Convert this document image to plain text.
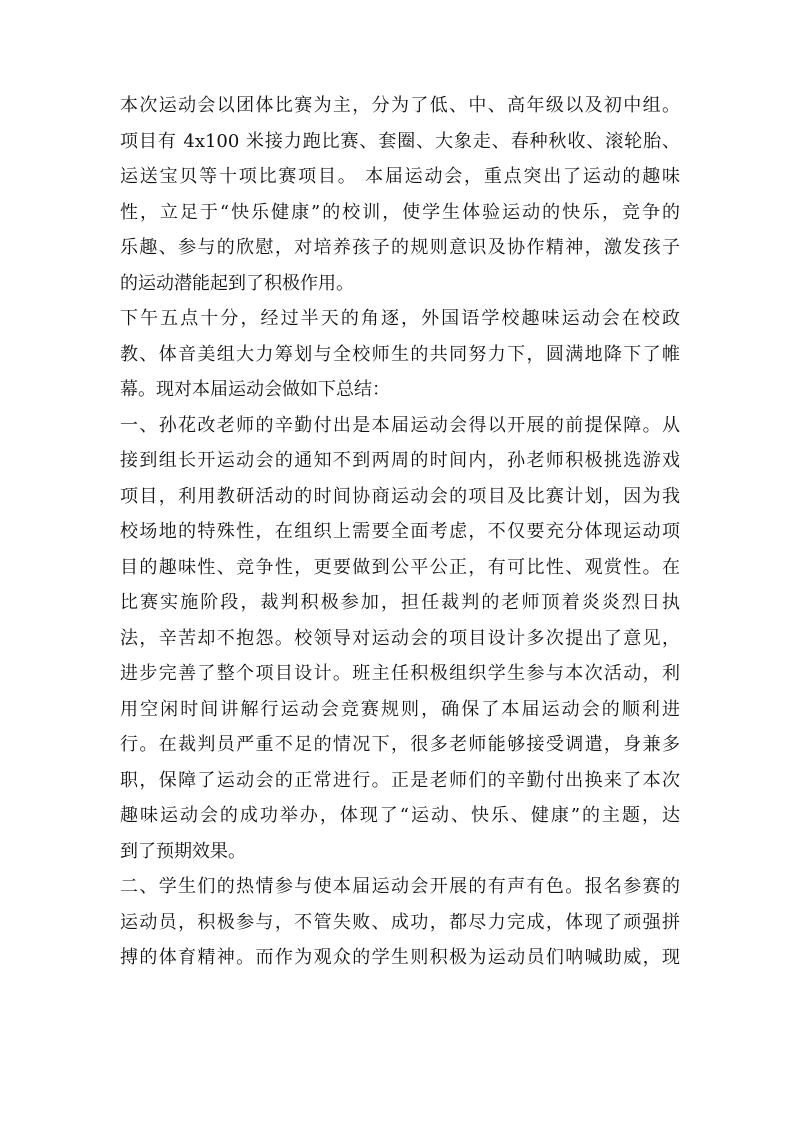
本次运动会以团体比赛为主，分为了低、中、高年级以及初中组。
项目有 4x100 米接力跑比赛、套圈、大象走、春种秋收、滚轮胎、
运送宝贝等十项比赛项目。 本届运动会，重点突出了运动的趣味
性，立足于“快乐健康”的校训，使学生体验运动的快乐，竞争的
乐趣、参与的欣慰，对培养孩子的规则意识及协作精神，激发孩子
的运动潜能起到了积极作用。
下午五点十分，经过半天的角逐，外国语学校趣味运动会在校政
教、体音美组大力筹划与全校师生的共同努力下，圆满地降下了帷
幕。现对本届运动会做如下总结：
一、孙花改老师的辛勤付出是本届运动会得以开展的前提保障。从
接到组长开运动会的通知不到两周的时间内，孙老师积极挑选游戏
项目，利用教研活动的时间协商运动会的项目及比赛计划，因为我
校场地的特殊性，在组织上需要全面考虑，不仅要充分体现运动项
目的趣味性、竞争性，更要做到公平公正，有可比性、观赏性。在
比赛实施阶段，裁判积极参加，担任裁判的老师顶着炎炎烈日执
法，辛苦却不抱怨。校领导对运动会的项目设计多次提出了意见，
进步完善了整个项目设计。班主任积极组织学生参与本次活动，利
用空闲时间讲解行运动会竞赛规则，确保了本届运动会的顺利进
行。在裁判员严重不足的情况下，很多老师能够接受调遣，身兼多
职，保障了运动会的正常进行。正是老师们的辛勤付出换来了本次
趣味运动会的成功举办，体现了“运动、快乐、健康”的主题，达
到了预期效果。
二、学生们的热情参与使本届运动会开展的有声有色。报名参赛的
运动员，积极参与，不管失败、成功，都尽力完成，体现了顽强拼
搏的体育精神。而作为观众的学生则积极为运动员们呐喊助威，现
